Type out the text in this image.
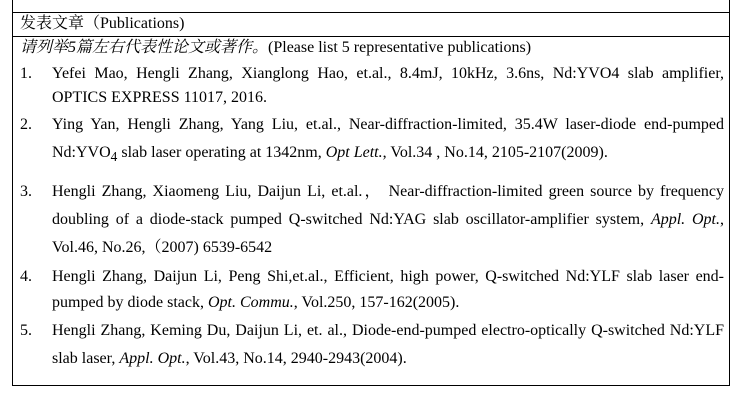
发表文章（Publications)
请列举5篇左右代表性论文或著作。(Please list 5 representative publications)
1.	Yefei Mao, Hengli Zhang, Xianglong Hao, et.al., 8.4mJ, 10kHz, 3.6ns, Nd:YVO4 slab amplifier, OPTICS EXPRESS 11017, 2016.
2.	Ying Yan, Hengli Zhang, Yang Liu, et.al., Near-diffraction-limited, 35.4W laser-diode end-pumped $Nd:YVO_4$ slab laser operating at 1342nm, Opt Lett., Vol.34 , No.14, 2105-2107(2009).
3.	Hengli Zhang, Xiaomeng Liu, Daijun Li, et.al.， Near-diffraction-limited green source by frequency doubling of a diode-stack pumped Q-switched Nd:YAG slab oscillator-amplifier system, Appl. Opt., Vol.46, No.26,（2007) 6539-6542
4.	Hengli Zhang, Daijun Li, Peng Shi,et.al., Efficient, high power, Q-switched Nd:YLF slab laser end-pumped by diode stack, Opt. Commu., Vol.250, 157-162(2005).
5.	Hengli Zhang, Keming Du, Daijun Li, et. al., Diode-end-pumped electro-optically Q-switched Nd:YLF slab laser, Appl. Opt., Vol.43, No.14, 2940-2943(2004).
